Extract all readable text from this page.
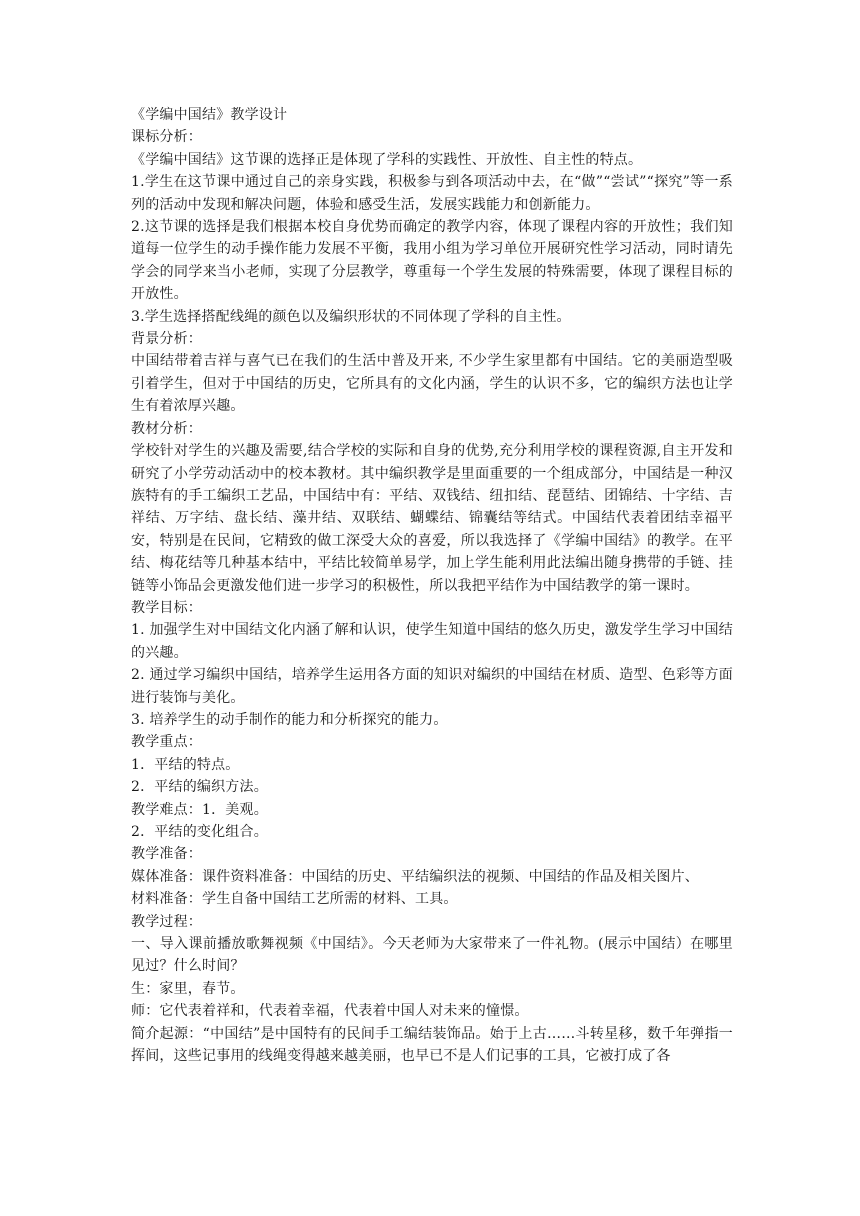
《学编中国结》教学设计

课标分析：

《学编中国结》这节课的选择正是体现了学科的实践性、开放性、自主性的特点。

1.学生在这节课中通过自己的亲身实践，积极参与到各项活动中去，在“做”“尝试”“探究”等一系列的活动中发现和解决问题，体验和感受生活，发展实践能力和创新能力。

2.这节课的选择是我们根据本校自身优势而确定的教学内容，体现了课程内容的开放性；我们知道每一位学生的动手操作能力发展不平衡，我用小组为学习单位开展研究性学习活动，同时请先学会的同学来当小老师，实现了分层教学，尊重每一个学生发展的特殊需要，体现了课程目标的开放性。

3.学生选择搭配线绳的颜色以及编织形状的不同体现了学科的自主性。

背景分析：

中国结带着吉祥与喜气已在我们的生活中普及开来, 不少学生家里都有中国结。它的美丽造型吸引着学生，但对于中国结的历史，它所具有的文化内涵，学生的认识不多，它的编织方法也让学生有着浓厚兴趣。

教材分析：

学校针对学生的兴趣及需要,结合学校的实际和自身的优势,充分利用学校的课程资源,自主开发和研究了小学劳动活动中的校本教材。其中编织教学是里面重要的一个组成部分，中国结是一种汉族特有的手工编织工艺品，中国结中有：平结、双钱结、纽扣结、琵琶结、团锦结、十字结、吉祥结、万字结、盘长结、藻井结、双联结、蝴蝶结、锦囊结等结式。中国结代表着团结幸福平安，特别是在民间，它精致的做工深受大众的喜爱，所以我选择了《学编中国结》的教学。在平结、梅花结等几种基本结中，平结比较简单易学，加上学生能利用此法编出随身携带的手链、挂链等小饰品会更激发他们进一步学习的积极性，所以我把平结作为中国结教学的第一课时。

教学目标：

1. 加强学生对中国结文化内涵了解和认识，使学生知道中国结的悠久历史，激发学生学习中国结的兴趣。

2. 通过学习编织中国结，培养学生运用各方面的知识对编织的中国结在材质、造型、色彩等方面进行装饰与美化。

3. 培养学生的动手制作的能力和分析探究的能力。

教学重点：

1．平结的特点。

2．平结的编织方法。

教学难点：1．美观。

2．平结的变化组合。

教学准备：

媒体准备：课件资料准备：中国结的历史、平结编织法的视频、中国结的作品及相关图片、

材料准备：学生自备中国结工艺所需的材料、工具。

教学过程：

一、导入课前播放歌舞视频《中国结》。今天老师为大家带来了一件礼物。(展示中国结）在哪里见过？什么时间？

生：家里，春节。

师：它代表着祥和，代表着幸福，代表着中国人对未来的憧憬。

简介起源：“中国结”是中国特有的民间手工编结装饰品。始于上古……斗转星移，数千年弹指一挥间，这些记事用的线绳变得越来越美丽，也早已不是人们记事的工具，它被打成了各
